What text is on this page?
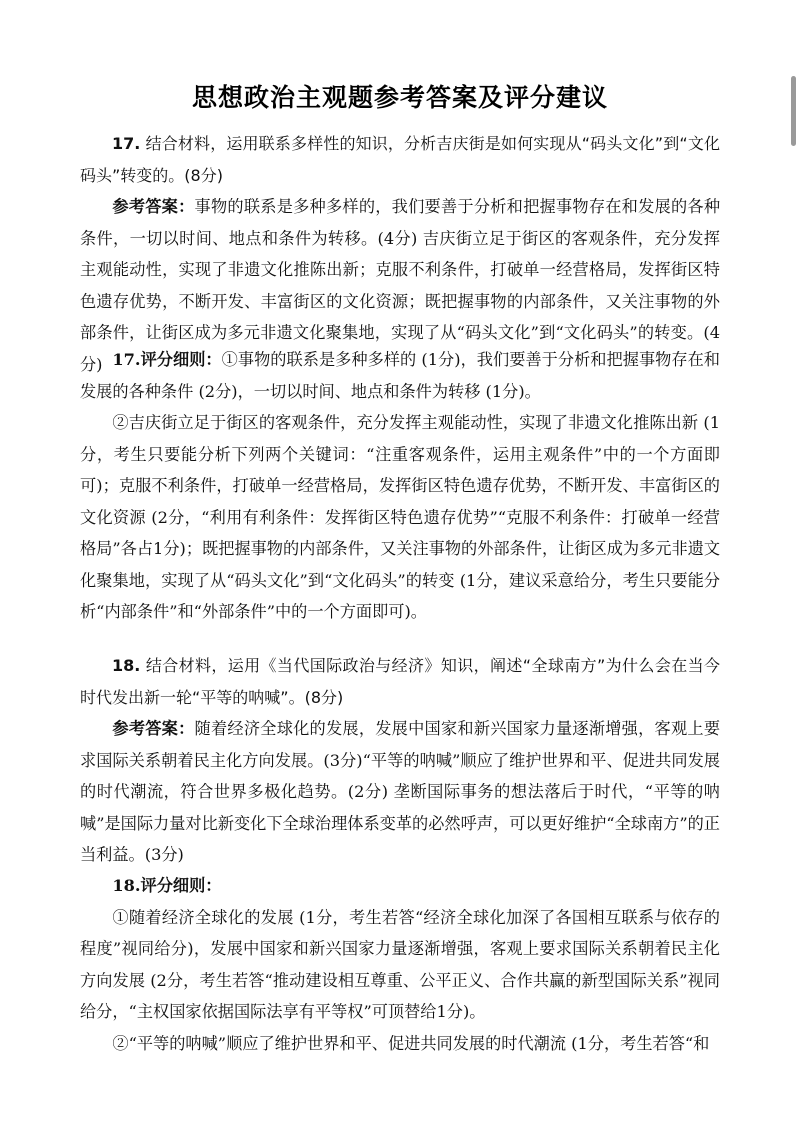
思想政治主观题参考答案及评分建议

17. 结合材料，运用联系多样性的知识，分析吉庆街是如何实现从“码头文化”到“文化码头”转变的。(8分)

参考答案：事物的联系是多种多样的，我们要善于分析和把握事物存在和发展的各种条件，一切以时间、地点和条件为转移。(4分) 吉庆街立足于街区的客观条件，充分发挥主观能动性，实现了非遗文化推陈出新；克服不利条件，打破单一经营格局，发挥街区特色遗存优势，不断开发、丰富街区的文化资源；既把握事物的内部条件，又关注事物的外部条件，让街区成为多元非遗文化聚集地，实现了从“码头文化”到“文化码头”的转变。(4分) 17.评分细则：①事物的联系是多种多样的 (1分)，我们要善于分析和把握事物存在和发展的各种条件 (2分)，一切以时间、地点和条件为转移 (1分)。

②吉庆街立足于街区的客观条件，充分发挥主观能动性，实现了非遗文化推陈出新 (1分，考生只要能分析下列两个关键词：“注重客观条件，运用主观条件”中的一个方面即可)；克服不利条件，打破单一经营格局，发挥街区特色遗存优势，不断开发、丰富街区的文化资源 (2分，“利用有利条件：发挥街区特色遗存优势”“克服不利条件：打破单一经营格局”各占1分)；既把握事物的内部条件，又关注事物的外部条件，让街区成为多元非遗文化聚集地，实现了从“码头文化”到“文化码头”的转变 (1分，建议采意给分，考生只要能分析“内部条件”和“外部条件”中的一个方面即可)。

18. 结合材料，运用《当代国际政治与经济》知识，阐述“全球南方”为什么会在当今时代发出新一轮“平等的呐喊”。(8分)

参考答案：随着经济全球化的发展，发展中国家和新兴国家力量逐渐增强，客观上要求国际关系朝着民主化方向发展。(3分)“平等的呐喊”顺应了维护世界和平、促进共同发展的时代潮流，符合世界多极化趋势。(2分) 垄断国际事务的想法落后于时代，“平等的呐喊”是国际力量对比新变化下全球治理体系变革的必然呼声，可以更好维护“全球南方”的正当利益。(3分)

18.评分细则：

①随着经济全球化的发展 (1分，考生若答“经济全球化加深了各国相互联系与依存的程度”视同给分)，发展中国家和新兴国家力量逐渐增强，客观上要求国际关系朝着民主化方向发展 (2分，考生若答“推动建设相互尊重、公平正义、合作共赢的新型国际关系”视同给分，“主权国家依据国际法享有平等权”可顶替给1分)。

②“平等的呐喊”顺应了维护世界和平、促进共同发展的时代潮流 (1分，考生若答“和
